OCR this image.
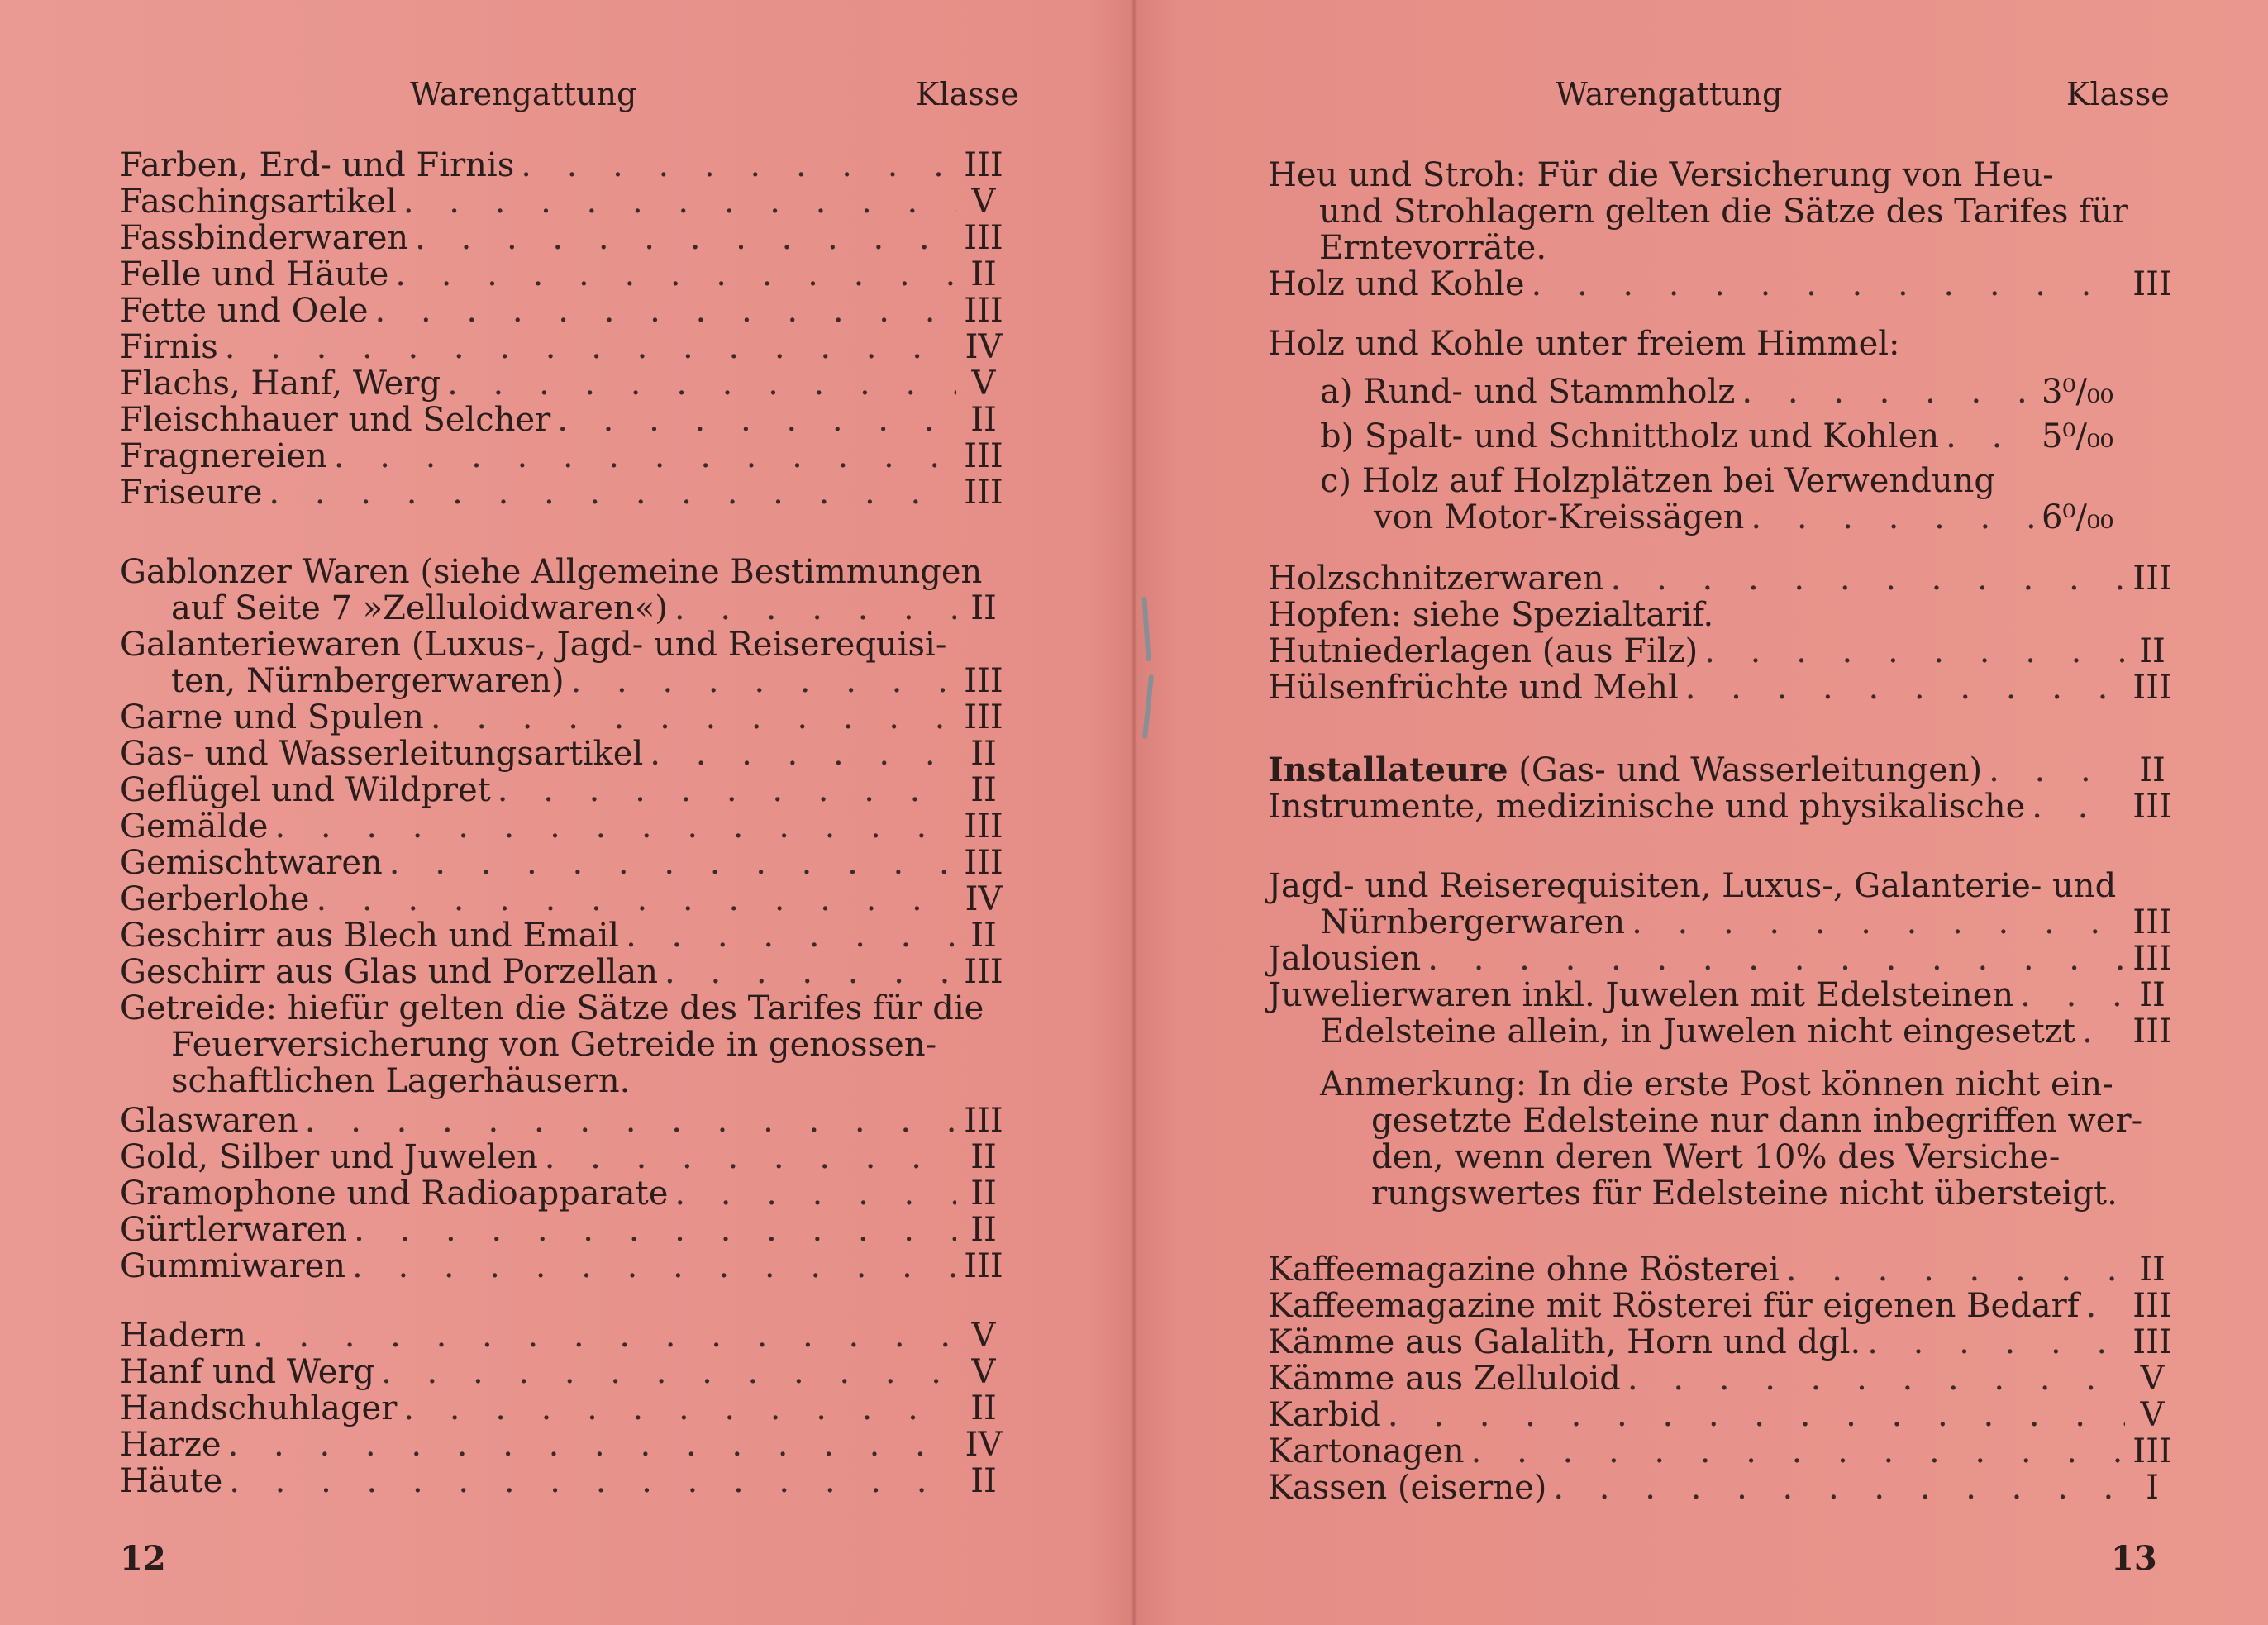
Warengattung	Klasse
Farben, Erd- und Firnis . . .	III
Faschingsartikel . . .	V
Fassbinderwaren . . .	III
Felle und Häute . . .	II
Fette und Oele . . .	III
Firnis . . .	IV
Flachs, Hanf, Werg . . .	V
Fleischhauer und Selcher . . .	II
Fragnereien . . .	III
Friseure . . .	III
Gablonzer Waren (siehe Allgemeine Bestimmungen
auf Seite 7 »Zelluloidwaren«) . . .	II
Galanteriewaren (Luxus-, Jagd- und Reiserequisi-
ten, Nürnbergerwaren) . . .	III
Garne und Spulen . . .	III
Gas- und Wasserleitungsartikel . . .	II
Geflügel und Wildpret . . .	II
Gemälde . . .	III
Gemischtwaren . . .	III
Gerberlohe . . .	IV
Geschirr aus Blech und Email . . .	II
Geschirr aus Glas und Porzellan . . .	III
Getreide: hiefür gelten die Sätze des Tarifes für die
Feuerversicherung von Getreide in genossen-
schaftlichen Lagerhäusern.
Glaswaren . . .	III
Gold, Silber und Juwelen . . .	II
Gramophone und Radioapparate . . .	II
Gürtlerwaren . . .	II
Gummiwaren . . .	III
Hadern . . .	V
Hanf und Werg . . .	V
Handschuhlager . . .	II
Harze . . .	IV
Häute . . .	II
12
Warengattung	Klasse
Heu und Stroh: Für die Versicherung von Heu-
und Strohlagern gelten die Sätze des Tarifes für
Erntevorräte.
Holz und Kohle . . .	III
Holz und Kohle unter freiem Himmel:
a) Rund- und Stammholz . . .	3⁰/₀₀
b) Spalt- und Schnittholz und Kohlen . . .	5⁰/₀₀
c) Holz auf Holzplätzen bei Verwendung
von Motor-Kreissägen . . .	6⁰/₀₀
Holzschnitzerwaren . . .	III
Hopfen: siehe Spezialtarif.
Hutniederlagen (aus Filz) . . .	II
Hülsenfrüchte und Mehl . . .	III
Installateure (Gas- und Wasserleitungen) . . .	II
Instrumente, medizinische und physikalische . . .	III
Jagd- und Reiserequisiten, Luxus-, Galanterie- und
Nürnbergerwaren . . .	III
Jalousien . . .	III
Juwelierwaren inkl. Juwelen mit Edelsteinen . . .	II
Edelsteine allein, in Juwelen nicht eingesetzt . . . III
Anmerkung: In die erste Post können nicht ein-
gesetzte Edelsteine nur dann inbegriffen wer-
den, wenn deren Wert 10% des Versiche-
rungswertes für Edelsteine nicht übersteigt.
Kaffeemagazine ohne Rösterei . . .	II
Kaffeemagazine mit Rösterei für eigenen Bedarf . . . III
Kämme aus Galalith, Horn und dgl. . . .	III
Kämme aus Zelluloid . . .	V
Karbid . . .	V
Kartonagen . . .	III
Kassen (eiserne) . . .	I
13
